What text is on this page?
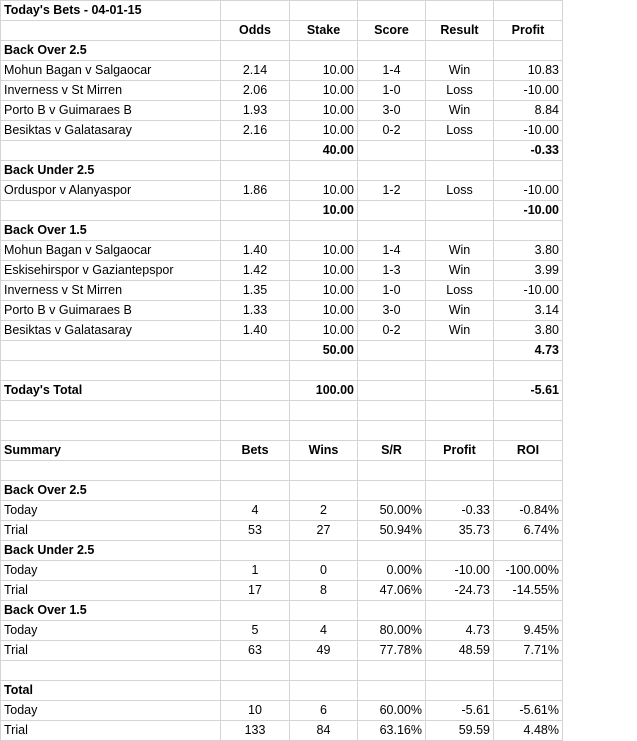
Today's Bets - 04-01-15					
	Odds	Stake	Score	Result	Profit
Back Over 2.5					
Mohun Bagan v Salgaocar	2.14	10.00	1-4	Win	10.83
Inverness v St Mirren	2.06	10.00	1-0	Loss	-10.00
Porto B v Guimaraes B	1.93	10.00	3-0	Win	8.84
Besiktas v Galatasaray	2.16	10.00	0-2	Loss	-10.00
		40.00			-0.33
Back Under 2.5					
Orduspor v Alanyaspor	1.86	10.00	1-2	Loss	-10.00
		10.00			-10.00
Back Over 1.5					
Mohun Bagan v Salgaocar	1.40	10.00	1-4	Win	3.80
Eskisehirspor v Gaziantepspor	1.42	10.00	1-3	Win	3.99
Inverness v St Mirren	1.35	10.00	1-0	Loss	-10.00
Porto B v Guimaraes B	1.33	10.00	3-0	Win	3.14
Besiktas v Galatasaray	1.40	10.00	0-2	Win	3.80
		50.00			4.73

Today's Total		100.00			-5.61

Summary	Bets	Wins	S/R	Profit	ROI

Back Over 2.5					
Today	4	2	50.00%	-0.33	-0.84%
Trial	53	27	50.94%	35.73	6.74%
Back Under 2.5					
Today	1	0	0.00%	-10.00	-100.00%
Trial	17	8	47.06%	-24.73	-14.55%
Back Over 1.5					
Today	5	4	80.00%	4.73	9.45%
Trial	63	49	77.78%	48.59	7.71%

Total					
Today	10	6	60.00%	-5.61	-5.61%
Trial	133	84	63.16%	59.59	4.48%
